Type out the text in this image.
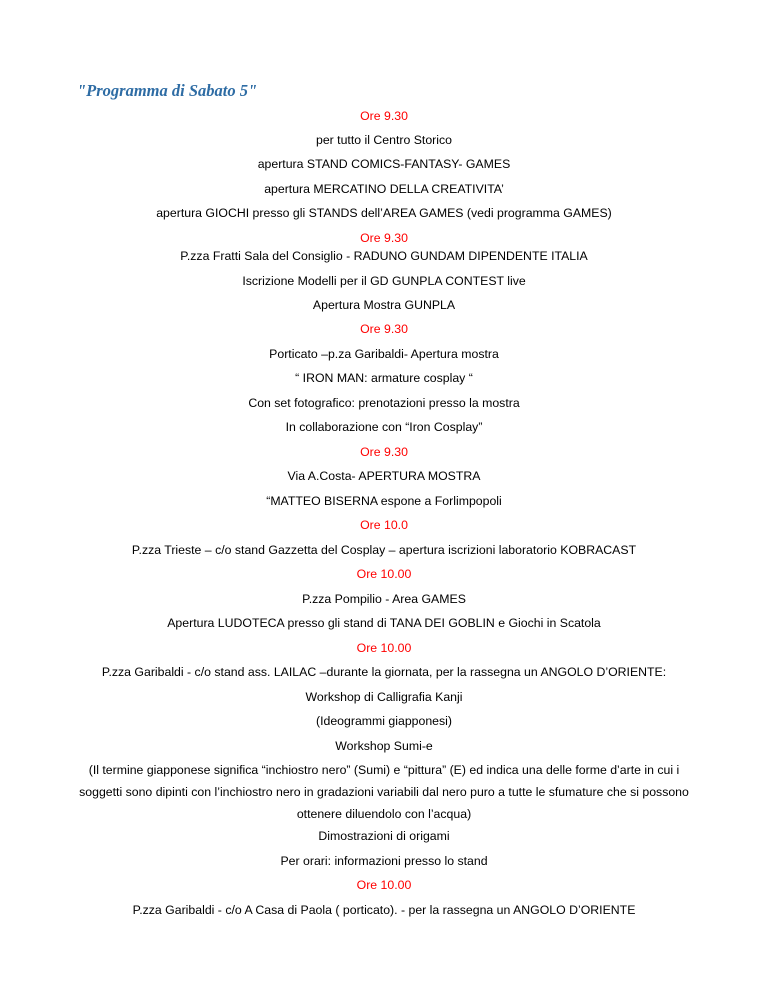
"Programma di Sabato 5"
Ore 9.30
per tutto il Centro Storico
apertura STAND COMICS-FANTASY- GAMES
apertura MERCATINO DELLA CREATIVITA’
apertura GIOCHI presso gli STANDS dell’AREA GAMES (vedi programma GAMES)
Ore 9.30
P.zza Fratti Sala del Consiglio - RADUNO GUNDAM DIPENDENTE ITALIA
Iscrizione Modelli per il GD GUNPLA CONTEST live
Apertura Mostra GUNPLA
Ore 9.30
Porticato –p.za Garibaldi- Apertura mostra
“ IRON MAN: armature cosplay “
Con set fotografico: prenotazioni presso la mostra
In collaborazione con “Iron Cosplay”
Ore 9.30
Via A.Costa- APERTURA MOSTRA
“MATTEO BISERNA espone a Forlimpopoli
Ore 10.0
P.zza Trieste – c/o stand Gazzetta del Cosplay – apertura iscrizioni laboratorio KOBRACAST
Ore 10.00
P.zza Pompilio - Area GAMES
Apertura LUDOTECA presso gli stand di TANA DEI GOBLIN e Giochi in Scatola
Ore 10.00
P.zza Garibaldi - c/o stand ass. LAILAC –durante la giornata, per la rassegna un ANGOLO D’ORIENTE:
Workshop di Calligrafia Kanji
(Ideogrammi giapponesi)
Workshop Sumi-e
(Il termine giapponese significa “inchiostro nero” (Sumi) e “pittura” (E) ed indica una delle forme d’arte in cui i soggetti sono dipinti con l’inchiostro nero in gradazioni variabili dal nero puro a tutte le sfumature che si possono ottenere diluendolo con l’acqua)
Dimostrazioni di origami
Per orari: informazioni presso lo stand
Ore 10.00
P.zza Garibaldi - c/o A Casa di Paola ( porticato). - per la rassegna un ANGOLO D’ORIENTE
